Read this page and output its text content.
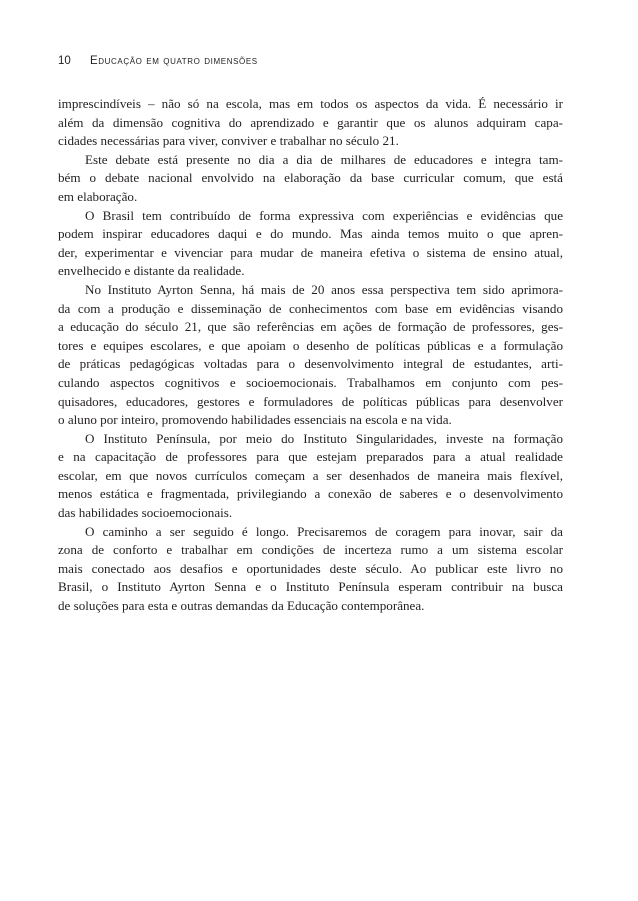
10 Educação em quatro dimensões
imprescindíveis – não só na escola, mas em todos os aspectos da vida. É necessário ir
além da dimensão cognitiva do aprendizado e garantir que os alunos adquiram capa-
cidades necessárias para viver, conviver e trabalhar no século 21.
Este debate está presente no dia a dia de milhares de educadores e integra tam-
bém o debate nacional envolvido na elaboração da base curricular comum, que está
em elaboração.
O Brasil tem contribuído de forma expressiva com experiências e evidências que
podem inspirar educadores daqui e do mundo. Mas ainda temos muito o que apren-
der, experimentar e vivenciar para mudar de maneira efetiva o sistema de ensino atual,
envelhecido e distante da realidade.
No Instituto Ayrton Senna, há mais de 20 anos essa perspectiva tem sido aprimora-
da com a produção e disseminação de conhecimentos com base em evidências visando
a educação do século 21, que são referências em ações de formação de professores, ges-
tores e equipes escolares, e que apoiam o desenho de políticas públicas e a formulação
de práticas pedagógicas voltadas para o desenvolvimento integral de estudantes, arti-
culando aspectos cognitivos e socioemocionais. Trabalhamos em conjunto com pes-
quisadores, educadores, gestores e formuladores de políticas públicas para desenvolver
o aluno por inteiro, promovendo habilidades essenciais na escola e na vida.
O Instituto Península, por meio do Instituto Singularidades, investe na formação
e na capacitação de professores para que estejam preparados para a atual realidade
escolar, em que novos currículos começam a ser desenhados de maneira mais flexível,
menos estática e fragmentada, privilegiando a conexão de saberes e o desenvolvimento
das habilidades socioemocionais.
O caminho a ser seguido é longo. Precisaremos de coragem para inovar, sair da
zona de conforto e trabalhar em condições de incerteza rumo a um sistema escolar
mais conectado aos desafios e oportunidades deste século. Ao publicar este livro no
Brasil, o Instituto Ayrton Senna e o Instituto Península esperam contribuir na busca
de soluções para esta e outras demandas da Educação contemporânea.
